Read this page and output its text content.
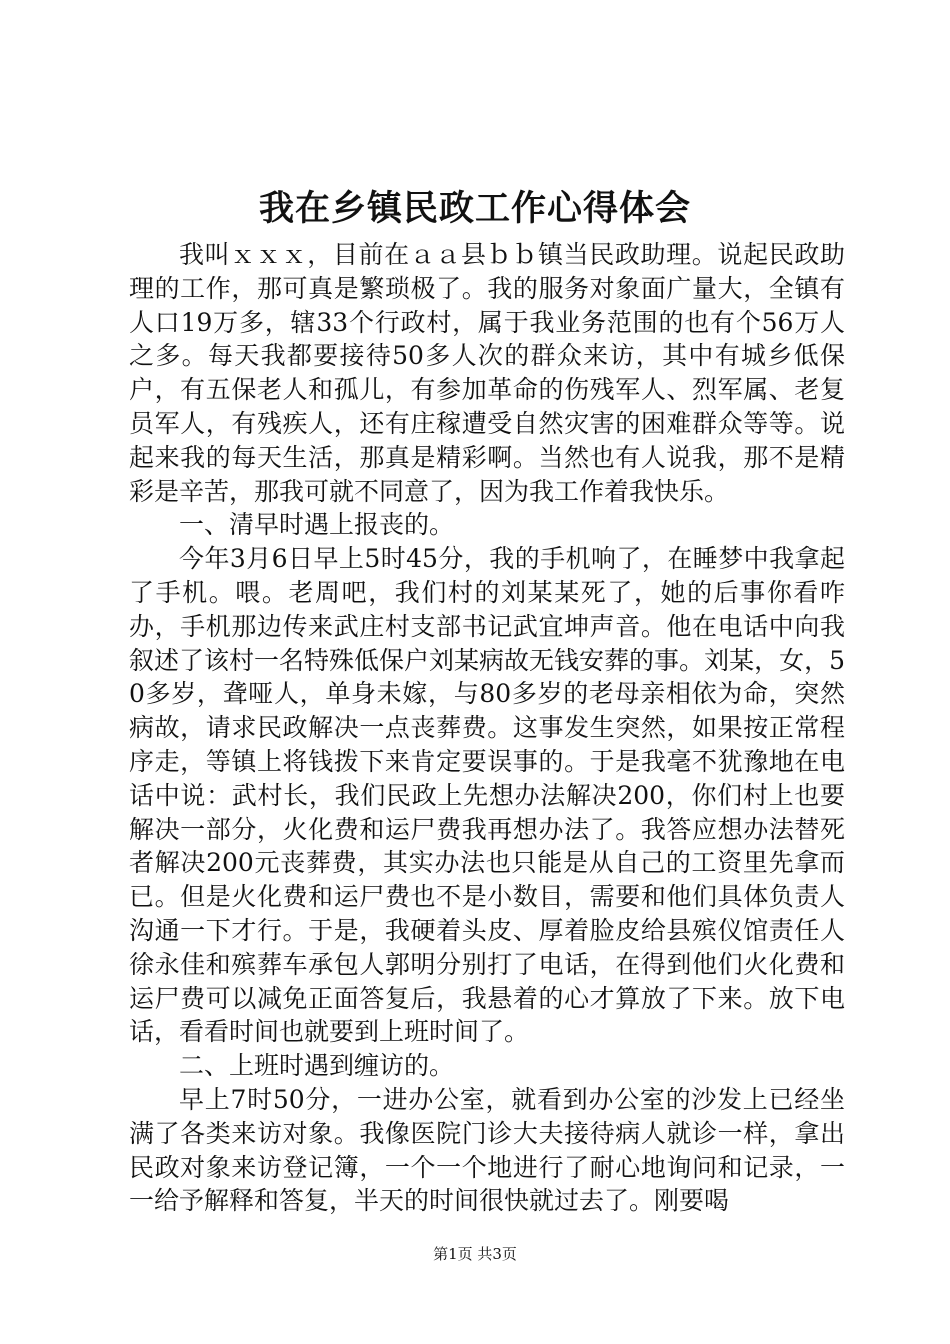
我在乡镇民政工作心得体会

我叫ｘｘｘ，目前在ａａ县ｂｂ镇当民政助理。说起民政助理的工作，那可真是繁琐极了。我的服务对象面广量大，全镇有人口19万多，辖33个行政村，属于我业务范围的也有个56万人之多。每天我都要接待50多人次的群众来访，其中有城乡低保户，有五保老人和孤儿，有参加革命的伤残军人、烈军属、老复员军人，有残疾人，还有庄稼遭受自然灾害的困难群众等等。说起来我的每天生活，那真是精彩啊。当然也有人说我，那不是精彩是辛苦，那我可就不同意了，因为我工作着我快乐。

一、清早时遇上报丧的。

今年3月6日早上5时45分，我的手机响了，在睡梦中我拿起了手机。喂。老周吧，我们村的刘某某死了，她的后事你看咋办，手机那边传来武庄村支部书记武宜坤声音。他在电话中向我叙述了该村一名特殊低保户刘某病故无钱安葬的事。刘某，女，50多岁，聋哑人，单身未嫁，与80多岁的老母亲相依为命，突然病故，请求民政解决一点丧葬费。这事发生突然，如果按正常程序走，等镇上将钱拨下来肯定要误事的。于是我毫不犹豫地在电话中说：武村长，我们民政上先想办法解决200，你们村上也要解决一部分，火化费和运尸费我再想办法了。我答应想办法替死者解决200元丧葬费，其实办法也只能是从自己的工资里先拿而已。但是火化费和运尸费也不是小数目，需要和他们具体负责人沟通一下才行。于是，我硬着头皮、厚着脸皮给县殡仪馆责任人徐永佳和殡葬车承包人郭明分别打了电话，在得到他们火化费和运尸费可以减免正面答复后，我悬着的心才算放了下来。放下电话，看看时间也就要到上班时间了。

二、上班时遇到缠访的。

早上7时50分，一进办公室，就看到办公室的沙发上已经坐满了各类来访对象。我像医院门诊大夫接待病人就诊一样，拿出民政对象来访登记簿，一个一个地进行了耐心地询问和记录，一一给予解释和答复，半天的时间很快就过去了。刚要喝

第1页 共3页
